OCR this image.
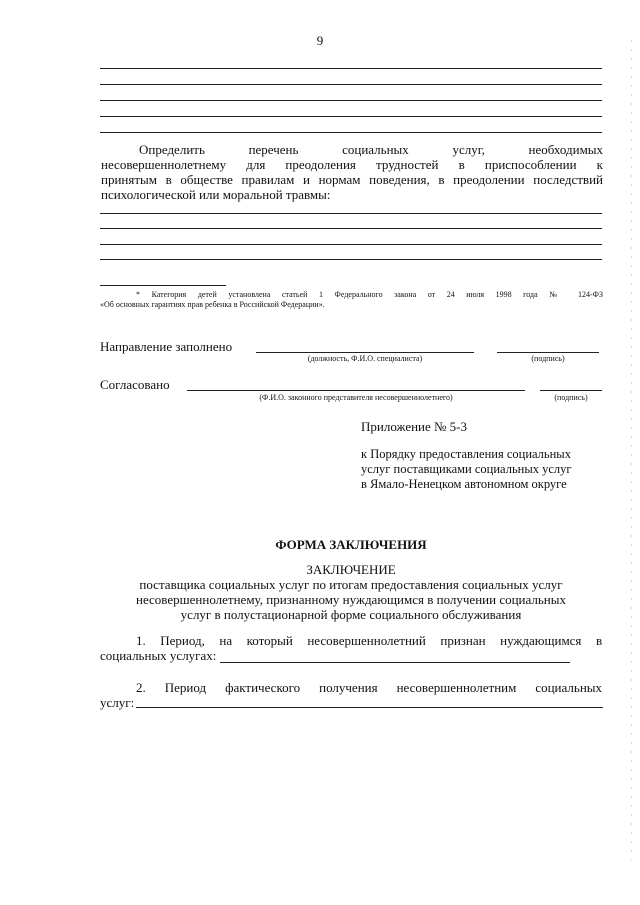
9
Определить	перечень	социальных	услуг,	необходимых
несовершеннолетнему для преодоления трудностей в приспособлении к
принятым в обществе правилам и нормам поведения, в преодолении последствий
психологической или моральной травмы:
* Категория детей установлена статьей 1 Федерального закона от 24 июля 1998 года № 124-ФЗ
«Об основных гарантиях прав ребенка в Российской Федерации».
Направление заполнено
(должность, Ф.И.О. специалиста)	(подпись)
Согласовано
(Ф.И.О. законного представителя несовершеннолетнего)	(подпись)
Приложение № 5-3
к Порядку предоставления социальных
услуг поставщиками социальных услуг
в Ямало-Ненецком автономном округе
ФОРМА ЗАКЛЮЧЕНИЯ
ЗАКЛЮЧЕНИЕ
поставщика социальных услуг по итогам предоставления социальных услуг
несовершеннолетнему, признанному нуждающимся в получении социальных
услуг в полустационарной форме социального обслуживания
1. Период, на который несовершеннолетний признан нуждающимся в
социальных услугах:
2. Период фактического получения несовершеннолетним социальных
услуг:
